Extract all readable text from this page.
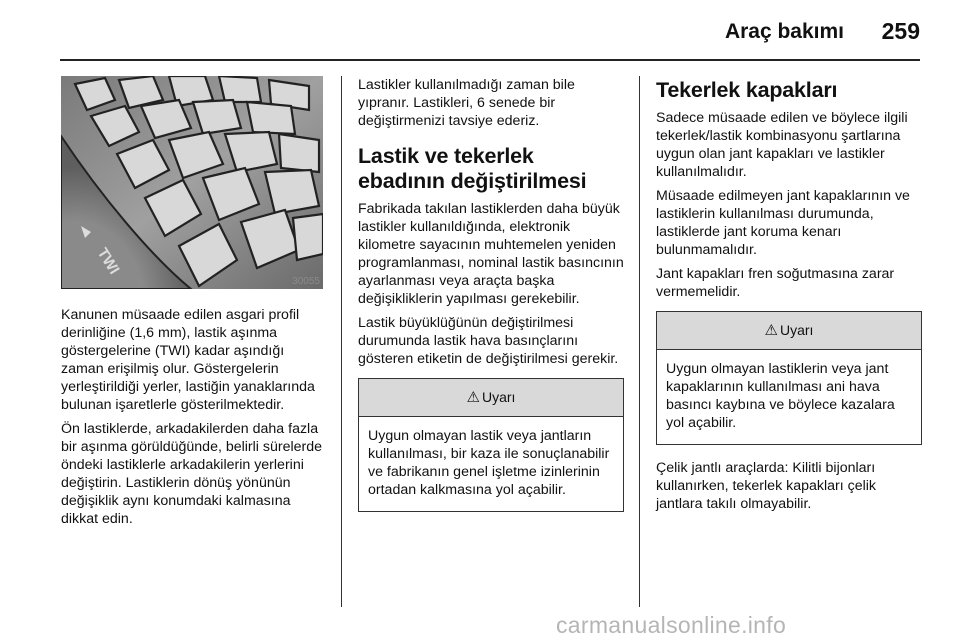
Araç bakımı 259
TWI
30055

Kanunen müsaade edilen asgari profil derinliğine (1,6 mm), lastik aşınma göstergelerine (TWI) kadar aşındığı zaman erişilmiş olur. Göstergelerin yerleştirildiği yerler, lastiğin yanaklarında bulunan işaretlerle gösterilmektedir.

Ön lastiklerde, arkadakilerden daha fazla bir aşınma görüldüğünde, belirli sürelerde öndeki lastiklerle arkadakilerin yerlerini değiştirin. Lastiklerin dönüş yönünün değişiklik aynı konumdaki kalmasına dikkat edin.

Lastikler kullanılmadığı zaman bile yıpranır. Lastikleri, 6 senede bir değiştirmenizi tavsiye ederiz.

Lastik ve tekerlek ebadının değiştirilmesi

Fabrikada takılan lastiklerden daha büyük lastikler kullanıldığında, elektronik kilometre sayacının muhtemelen yeniden programlanması, nominal lastik basıncının ayarlanması veya araçta başka değişikliklerin yapılması gerekebilir.

Lastik büyüklüğünün değiştirilmesi durumunda lastik hava basınçlarını gösteren etiketin de değiştirilmesi gerekir.

⚠ Uyarı

Uygun olmayan lastik veya jantların kullanılması, bir kaza ile sonuçlanabilir ve fabrikanın genel işletme izinlerinin ortadan kalkmasına yol açabilir.

Tekerlek kapakları

Sadece müsaade edilen ve böylece ilgili tekerlek/lastik kombinasyonu şartlarına uygun olan jant kapakları ve lastikler kullanılmalıdır.

Müsaade edilmeyen jant kapaklarının ve lastiklerin kullanılması durumunda, lastiklerde jant koruma kenarı bulunmamalıdır.

Jant kapakları fren soğutmasına zarar vermemelidir.

⚠ Uyarı

Uygun olmayan lastiklerin veya jant kapaklarının kullanılması ani hava basıncı kaybına ve böylece kazalara yol açabilir.

Çelik jantlı araçlarda: Kilitli bijonları kullanırken, tekerlek kapakları çelik jantlara takılı olmayabilir.

carmanualsonline.info
